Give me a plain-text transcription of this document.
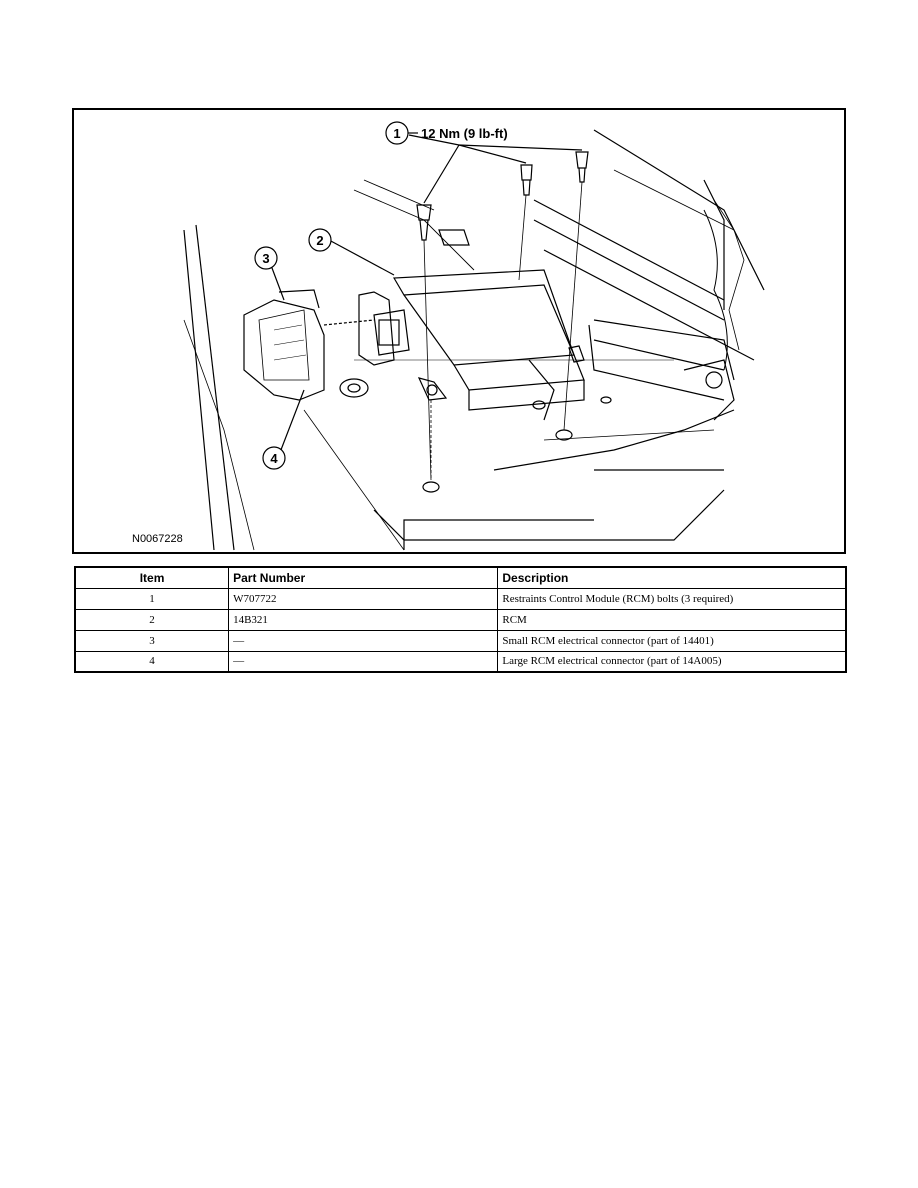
1
2
3
4
12 Nm (9 lb-ft)
N0067228
Item	Part Number	Description
1	W707722	Restraints Control Module (RCM) bolts (3 required)
2	14B321	RCM
3	—	Small RCM electrical connector (part of 14401)
4	—	Large RCM electrical connector (part of 14A005)
